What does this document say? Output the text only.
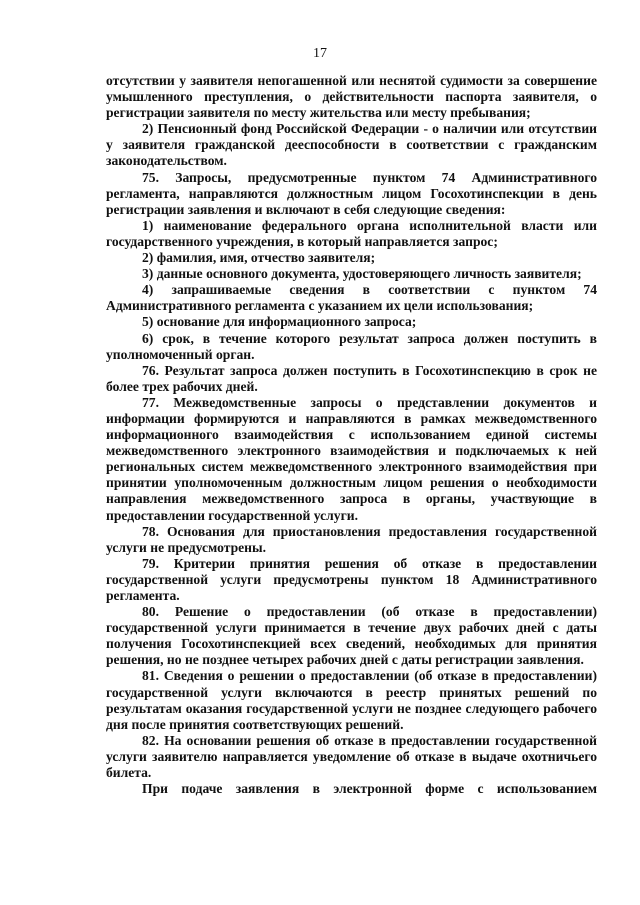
17

отсутствии у заявителя непогашенной или неснятой судимости за совершение умышленного преступления, о действительности паспорта заявителя, о регистрации заявителя по месту жительства или месту пребывания;

2) Пенсионный фонд Российской Федерации - о наличии или отсутствии у заявителя гражданской дееспособности в соответствии с гражданским законодательством.

75. Запросы, предусмотренные пунктом 74 Административного регламента, направляются должностным лицом Госохотинспекции в день регистрации заявления и включают в себя следующие сведения:

1) наименование федерального органа исполнительной власти или государственного учреждения, в который направляется запрос;

2) фамилия, имя, отчество заявителя;

3) данные основного документа, удостоверяющего личность заявителя;

4) запрашиваемые сведения в соответствии с пунктом 74 Административного регламента с указанием их цели использования;

5) основание для информационного запроса;

6) срок, в течение которого результат запроса должен поступить в уполномоченный орган.

76. Результат запроса должен поступить в Госохотинспекцию в срок не более трех рабочих дней.

77. Межведомственные запросы о представлении документов и информации формируются и направляются в рамках межведомственного информационного взаимодействия с использованием единой системы межведомственного электронного взаимодействия и подключаемых к ней региональных систем межведомственного электронного взаимодействия при принятии уполномоченным должностным лицом решения о необходимости направления межведомственного запроса в органы, участвующие в предоставлении государственной услуги.

78. Основания для приостановления предоставления государственной услуги не предусмотрены.

79. Критерии принятия решения об отказе в предоставлении государственной услуги предусмотрены пунктом 18 Административного регламента.

80. Решение о предоставлении (об отказе в предоставлении) государственной услуги принимается в течение двух рабочих дней с даты получения Госохотинспекцией всех сведений, необходимых для принятия решения, но не позднее четырех рабочих дней с даты регистрации заявления.

81. Сведения о решении о предоставлении (об отказе в предоставлении) государственной услуги включаются в реестр принятых решений по результатам оказания государственной услуги не позднее следующего рабочего дня после принятия соответствующих решений.

82. На основании решения об отказе в предоставлении государственной услуги заявителю направляется уведомление об отказе в выдаче охотничьего билета.

При подаче заявления в электронной форме с использованием
